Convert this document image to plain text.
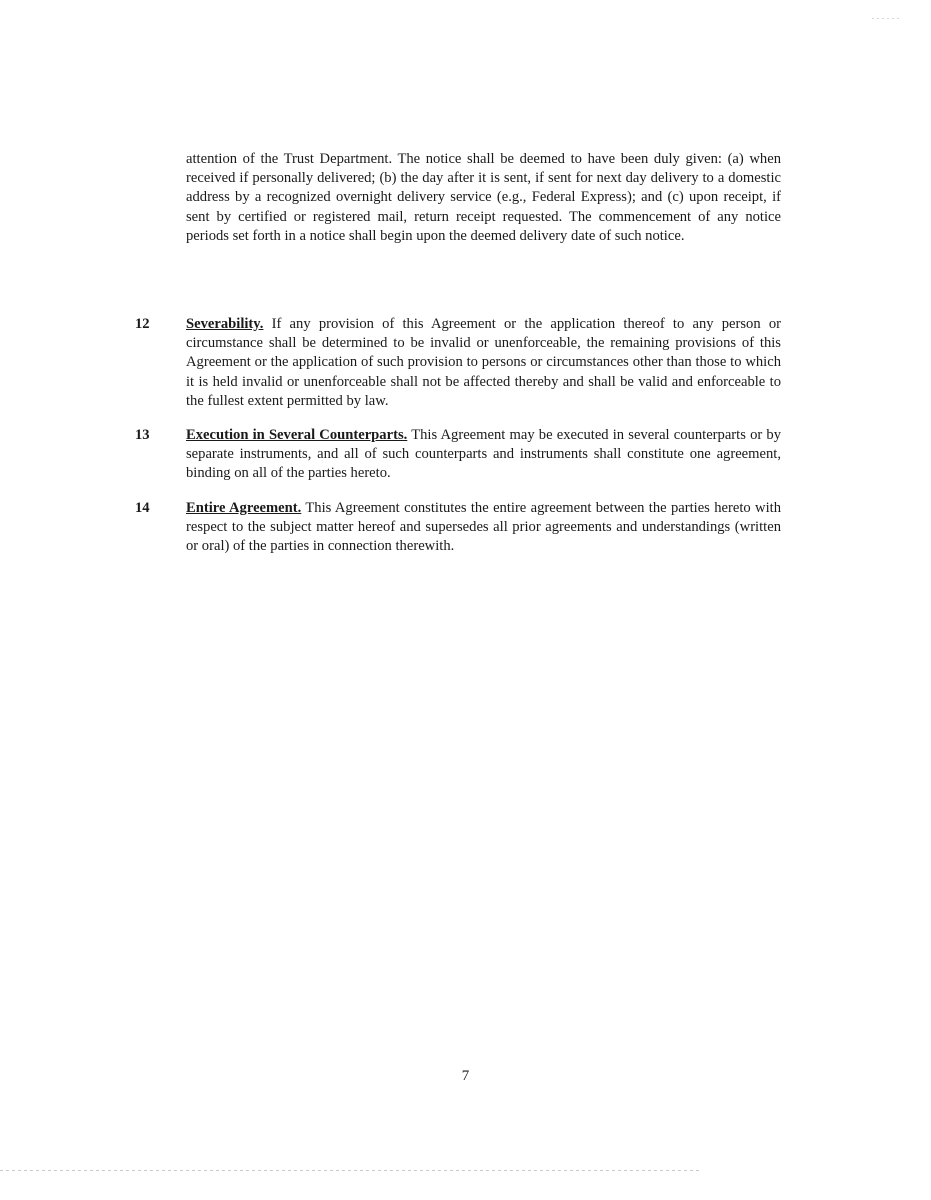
attention of the Trust Department. The notice shall be deemed to have been duly given: (a) when received if personally delivered; (b) the day after it is sent, if sent for next day delivery to a domestic address by a recognized overnight delivery service (e.g., Federal Express); and (c) upon receipt, if sent by certified or registered mail, return receipt requested. The commencement of any notice periods set forth in a notice shall begin upon the deemed delivery date of such notice.

12 Severability. If any provision of this Agreement or the application thereof to any person or circumstance shall be determined to be invalid or unenforceable, the remaining provisions of this Agreement or the application of such provision to persons or circumstances other than those to which it is held invalid or unenforceable shall not be affected thereby and shall be valid and enforceable to the fullest extent permitted by law.

13 Execution in Several Counterparts. This Agreement may be executed in several counterparts or by separate instruments, and all of such counterparts and instruments shall constitute one agreement, binding on all of the parties hereto.

14 Entire Agreement. This Agreement constitutes the entire agreement between the parties hereto with respect to the subject matter hereof and supersedes all prior agreements and understandings (written or oral) of the parties in connection therewith.

7
